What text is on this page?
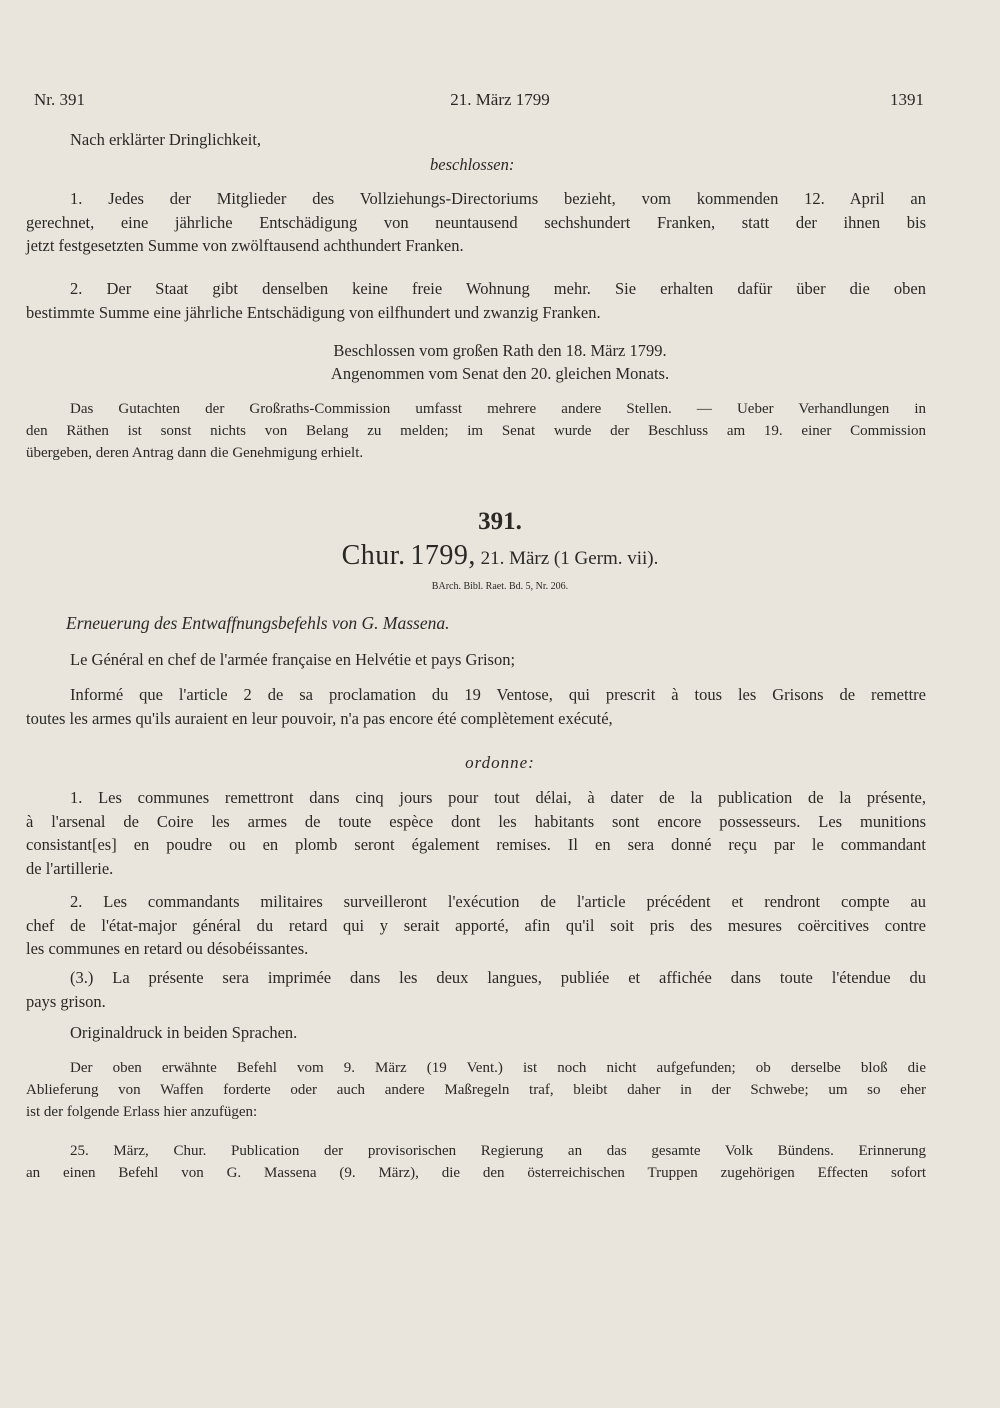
Nr. 391	21. März 1799	1391
Nach erklärter Dringlichkeit,
beschlossen:
1. Jedes der Mitglieder des Vollziehungs-Directoriums bezieht, vom kommenden 12. April an
gerechnet, eine jährliche Entschädigung von neuntausend sechshundert Franken, statt der ihnen bis
jetzt festgesetzten Summe von zwölftausend achthundert Franken.
2. Der Staat gibt denselben keine freie Wohnung mehr. Sie erhalten dafür über die oben
bestimmte Summe eine jährliche Entschädigung von eilfhundert und zwanzig Franken.
Beschlossen vom großen Rath den 18. März 1799.
Angenommen vom Senat den 20. gleichen Monats.
Das Gutachten der Großraths-Commission umfasst mehrere andere Stellen. — Ueber Verhandlungen in
den Räthen ist sonst nichts von Belang zu melden; im Senat wurde der Beschluss am 19. einer Commission
übergeben, deren Antrag dann die Genehmigung erhielt.
391.
Chur. 1799, 21. März (1 Germ. vii).
BArch. Bibl. Raet. Bd. 5, Nr. 206.
Erneuerung des Entwaffnungsbefehls von G. Massena.
Le Général en chef de l'armée française en Helvétie et pays Grison;
Informé que l'article 2 de sa proclamation du 19 Ventose, qui prescrit à tous les Grisons de remettre
toutes les armes qu'ils auraient en leur pouvoir, n'a pas encore été complètement exécuté,
ordonne:
1. Les communes remettront dans cinq jours pour tout délai, à dater de la publication de la présente,
à l'arsenal de Coire les armes de toute espèce dont les habitants sont encore possesseurs. Les munitions
consistant[es] en poudre ou en plomb seront également remises. Il en sera donné reçu par le commandant
de l'artillerie.
2. Les commandants militaires surveilleront l'exécution de l'article précédent et rendront compte au
chef de l'état-major général du retard qui y serait apporté, afin qu'il soit pris des mesures coërcitives contre
les communes en retard ou désobéissantes.
(3.) La présente sera imprimée dans les deux langues, publiée et affichée dans toute l'étendue du
pays grison.
Originaldruck in beiden Sprachen.
Der oben erwähnte Befehl vom 9. März (19 Vent.) ist noch nicht aufgefunden; ob derselbe bloß die
Ablieferung von Waffen forderte oder auch andere Maßregeln traf, bleibt daher in der Schwebe; um so eher
ist der folgende Erlass hier anzufügen:
25. März, Chur. Publication der provisorischen Regierung an das gesamte Volk Bündens. Erinnerung
an einen Befehl von G. Massena (9. März), die den österreichischen Truppen zugehörigen Effecten sofort
